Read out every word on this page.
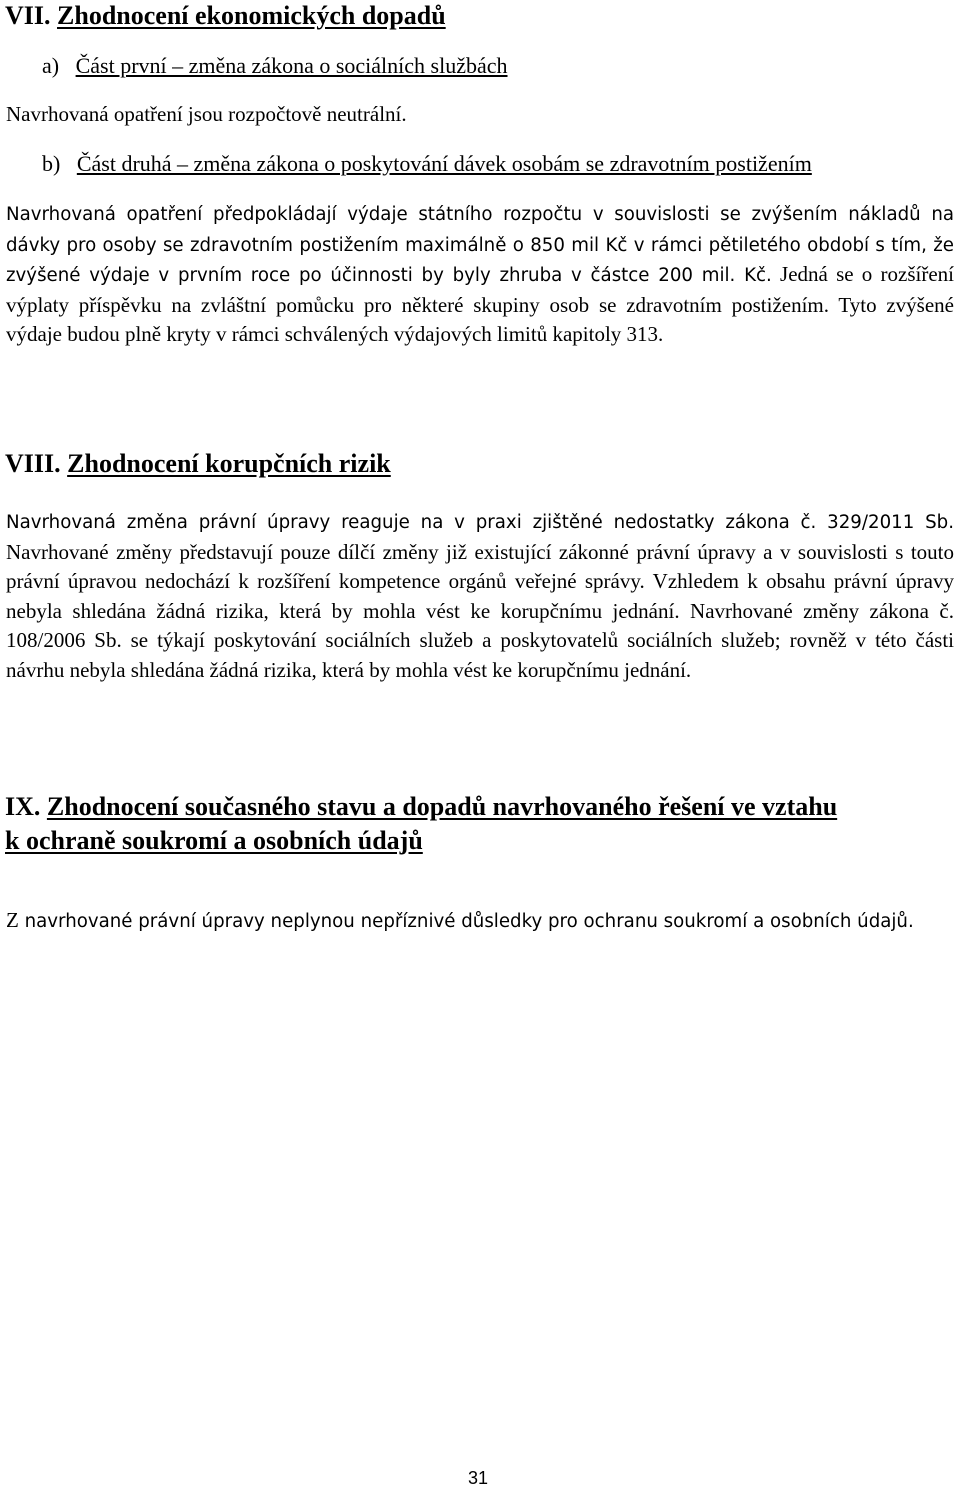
VII. Zhodnocení ekonomických dopadů
a) Část první – změna zákona o sociálních službách
Navrhovaná opatření jsou rozpočtově neutrální.
b) Část druhá – změna zákona o poskytování dávek osobám se zdravotním postižením
Navrhovaná opatření předpokládají výdaje státního rozpočtu v souvislosti se zvýšením nákladů na dávky pro osoby se zdravotním postižením maximálně o 850 mil Kč v rámci pětiletého období s tím, že zvýšené výdaje v prvním roce po účinnosti by byly zhruba v částce 200 mil. Kč. Jedná se o rozšíření výplaty příspěvku na zvláštní pomůcku pro některé skupiny osob se zdravotním postižením. Tyto zvýšené výdaje budou plně kryty v rámci schválených výdajových limitů kapitoly 313.
VIII. Zhodnocení korupčních rizik
Navrhovaná změna právní úpravy reaguje na v praxi zjištěné nedostatky zákona č. 329/2011 Sb. Navrhované změny představují pouze dílčí změny již existující zákonné právní úpravy a v souvislosti s touto právní úpravou nedochází k rozšíření kompetence orgánů veřejné správy. Vzhledem k obsahu právní úpravy nebyla shledána žádná rizika, která by mohla vést ke korupčnímu jednání. Navrhované změny zákona č. 108/2006 Sb. se týkají poskytování sociálních služeb a poskytovatelů sociálních služeb; rovněž v této části návrhu nebyla shledána žádná rizika, která by mohla vést ke korupčnímu jednání.
IX. Zhodnocení současného stavu a dopadů navrhovaného řešení ve vztahu
k ochraně soukromí a osobních údajů
Z navrhované právní úpravy neplynou nepříznivé důsledky pro ochranu soukromí a osobních údajů.
31
